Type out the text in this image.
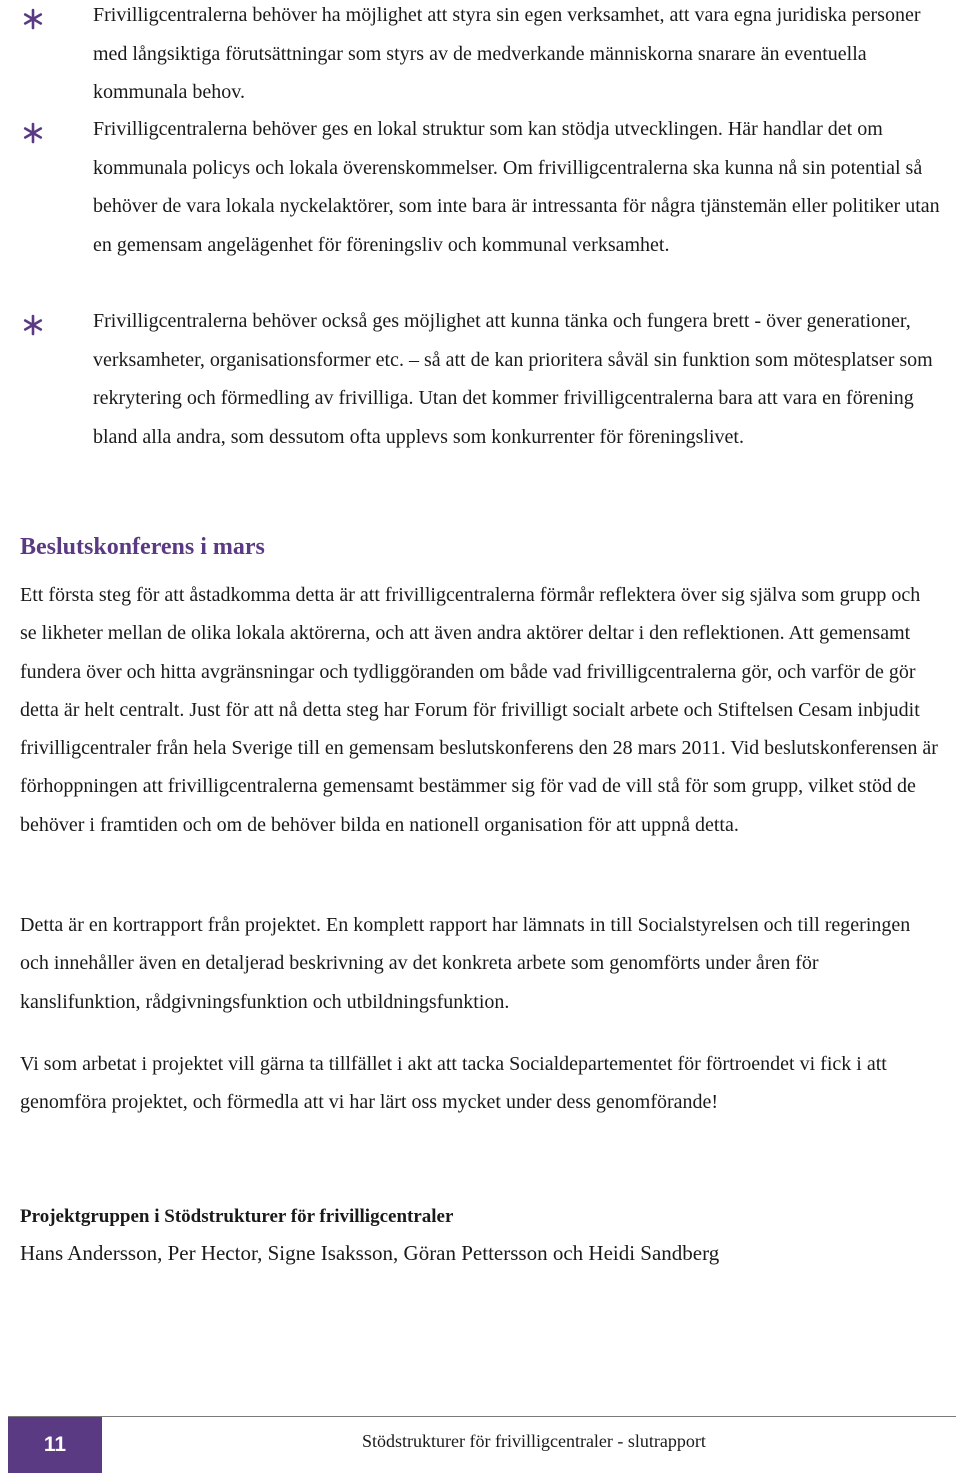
Frivilligcentralerna behöver ha möjlighet att styra sin egen verksamhet, att vara egna juridiska personer med långsiktiga förutsättningar som styrs av de medverkande människorna snarare än eventuella kommunala behov.
Frivilligcentralerna behöver ges en lokal struktur som kan stödja utvecklingen. Här handlar det om kommunala policys och lokala överenskommelser. Om frivilligcentralerna ska kunna nå sin potential så behöver de vara lokala nyckelaktörer, som inte bara är intressanta för några tjänstemän eller politiker utan en gemensam angelägenhet för föreningsliv och kommunal verksamhet.
Frivilligcentralerna behöver också ges möjlighet att kunna tänka och fungera brett - över generationer, verksamheter, organisationsformer etc. – så att de kan prioritera såväl sin funktion som mötesplatser som rekrytering och förmedling av frivilliga. Utan det kommer frivilligcentralerna bara att vara en förening bland alla andra, som dessutom ofta upplevs som konkurrenter för föreningslivet.
Beslutskonferens i mars

Ett första steg för att åstadkomma detta är att frivilligcentralerna förmår reflektera över sig själva som grupp och se likheter mellan de olika lokala aktörerna, och att även andra aktörer deltar i den reflektionen. Att gemensamt fundera över och hitta avgränsningar och tydliggöranden om både vad frivilligcentralerna gör, och varför de gör detta är helt centralt. Just för att nå detta steg har Forum för frivilligt socialt arbete och Stiftelsen Cesam inbjudit frivilligcentraler från hela Sverige till en gemensam beslutskonferens den 28 mars 2011. Vid beslutskonferensen är förhoppningen att frivilligcentralerna gemensamt bestämmer sig för vad de vill stå för som grupp, vilket stöd de behöver i framtiden och om de behöver bilda en nationell organisation för att uppnå detta.

Detta är en kortrapport från projektet. En komplett rapport har lämnats in till Socialstyrelsen och till regeringen och innehåller även en detaljerad beskrivning av det konkreta arbete som genomförts under åren för kanslifunktion, rådgivningsfunktion och utbildningsfunktion.

Vi som arbetat i projektet vill gärna ta tillfället i akt att tacka Socialdepartementet för förtroendet vi fick i att genomföra projektet, och förmedla att vi har lärt oss mycket under dess genomförande!

Projektgruppen i Stödstrukturer för frivilligcentraler

Hans Andersson, Per Hector, Signe Isaksson, Göran Pettersson och Heidi Sandberg

11	Stödstrukturer för frivilligcentraler - slutrapport
